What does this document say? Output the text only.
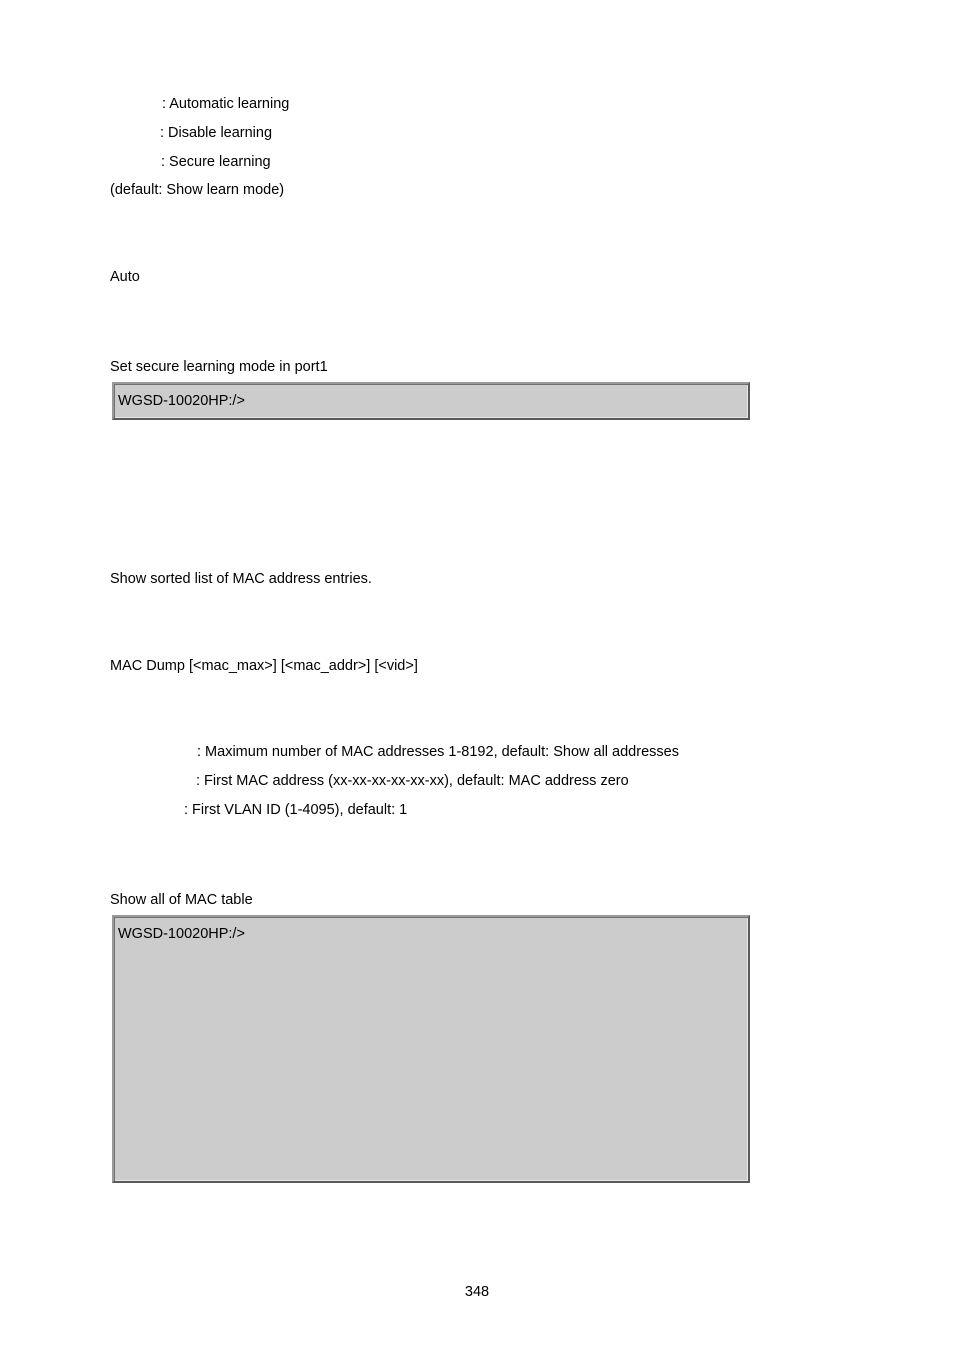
: Automatic learning
: Disable learning
: Secure learning
(default: Show learn mode)
Auto
Set secure learning mode in port1
WGSD-10020HP:/>
Show sorted list of MAC address entries.
MAC Dump [<mac_max>] [<mac_addr>] [<vid>]
: Maximum number of MAC addresses 1-8192, default: Show all addresses
: First MAC address (xx-xx-xx-xx-xx-xx), default: MAC address zero
: First VLAN ID (1-4095), default: 1
Show all of MAC table
WGSD-10020HP:/>
348
